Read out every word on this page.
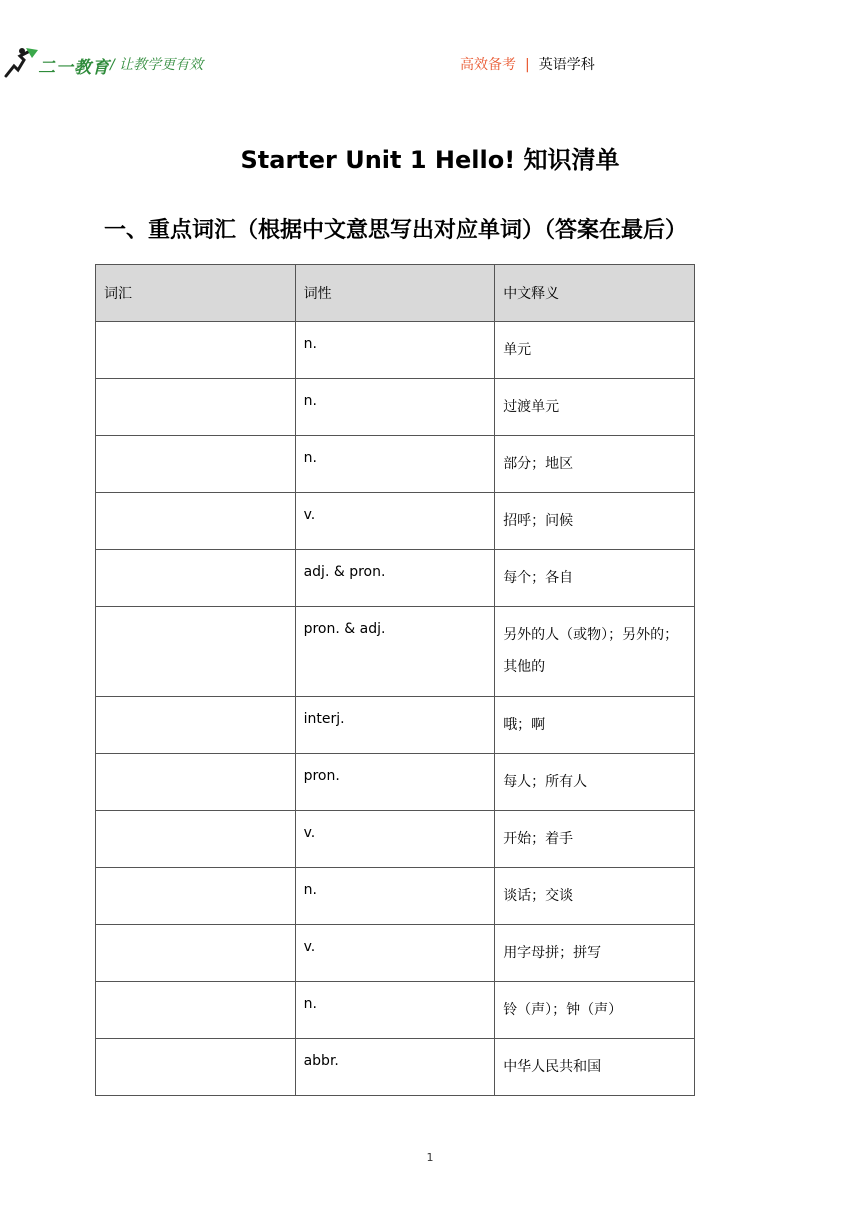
二一教育 / 让教学更有效	高效备考 | 英语学科
Starter Unit 1 Hello! 知识清单
一、重点词汇（根据中文意思写出对应单词）（答案在最后）
词汇	词性	中文释义
	n.	单元
	n.	过渡单元
	n.	部分；地区
	v.	招呼；问候
	adj. & pron.	每个；各自
	pron. & adj.	另外的人（或物）；另外的；其他的
	interj.	哦；啊
	pron.	每人；所有人
	v.	开始；着手
	n.	谈话；交谈
	v.	用字母拼；拼写
	n.	铃（声）；钟（声）
	abbr.	中华人民共和国
1
